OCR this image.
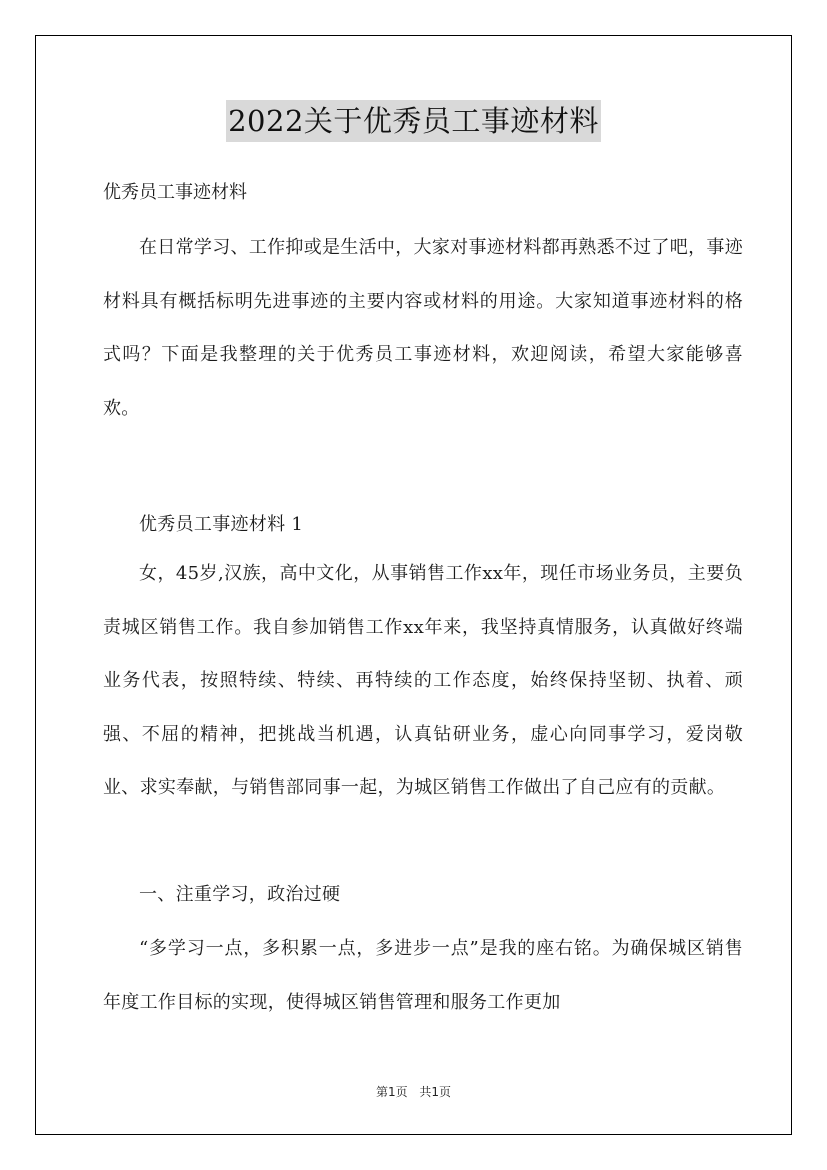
2022关于优秀员工事迹材料

优秀员工事迹材料

在日常学习、工作抑或是生活中，大家对事迹材料都再熟悉不过了吧，事迹材料具有概括标明先进事迹的主要内容或材料的用途。大家知道事迹材料的格式吗？下面是我整理的关于优秀员工事迹材料，欢迎阅读，希望大家能够喜欢。

优秀员工事迹材料 1

女，45岁,汉族，高中文化，从事销售工作xx年，现任市场业务员，主要负责城区销售工作。我自参加销售工作xx年来，我坚持真情服务，认真做好终端业务代表，按照特续、特续、再特续的工作态度，始终保持坚韧、执着、顽强、不屈的精神，把挑战当机遇，认真钻研业务，虚心向同事学习，爱岗敬业、求实奉献，与销售部同事一起，为城区销售工作做出了自己应有的贡献。

一、注重学习，政治过硬

“多学习一点，多积累一点，多进步一点”是我的座右铭。为确保城区销售年度工作目标的实现，使得城区销售管理和服务工作更加

第1页 共1页
